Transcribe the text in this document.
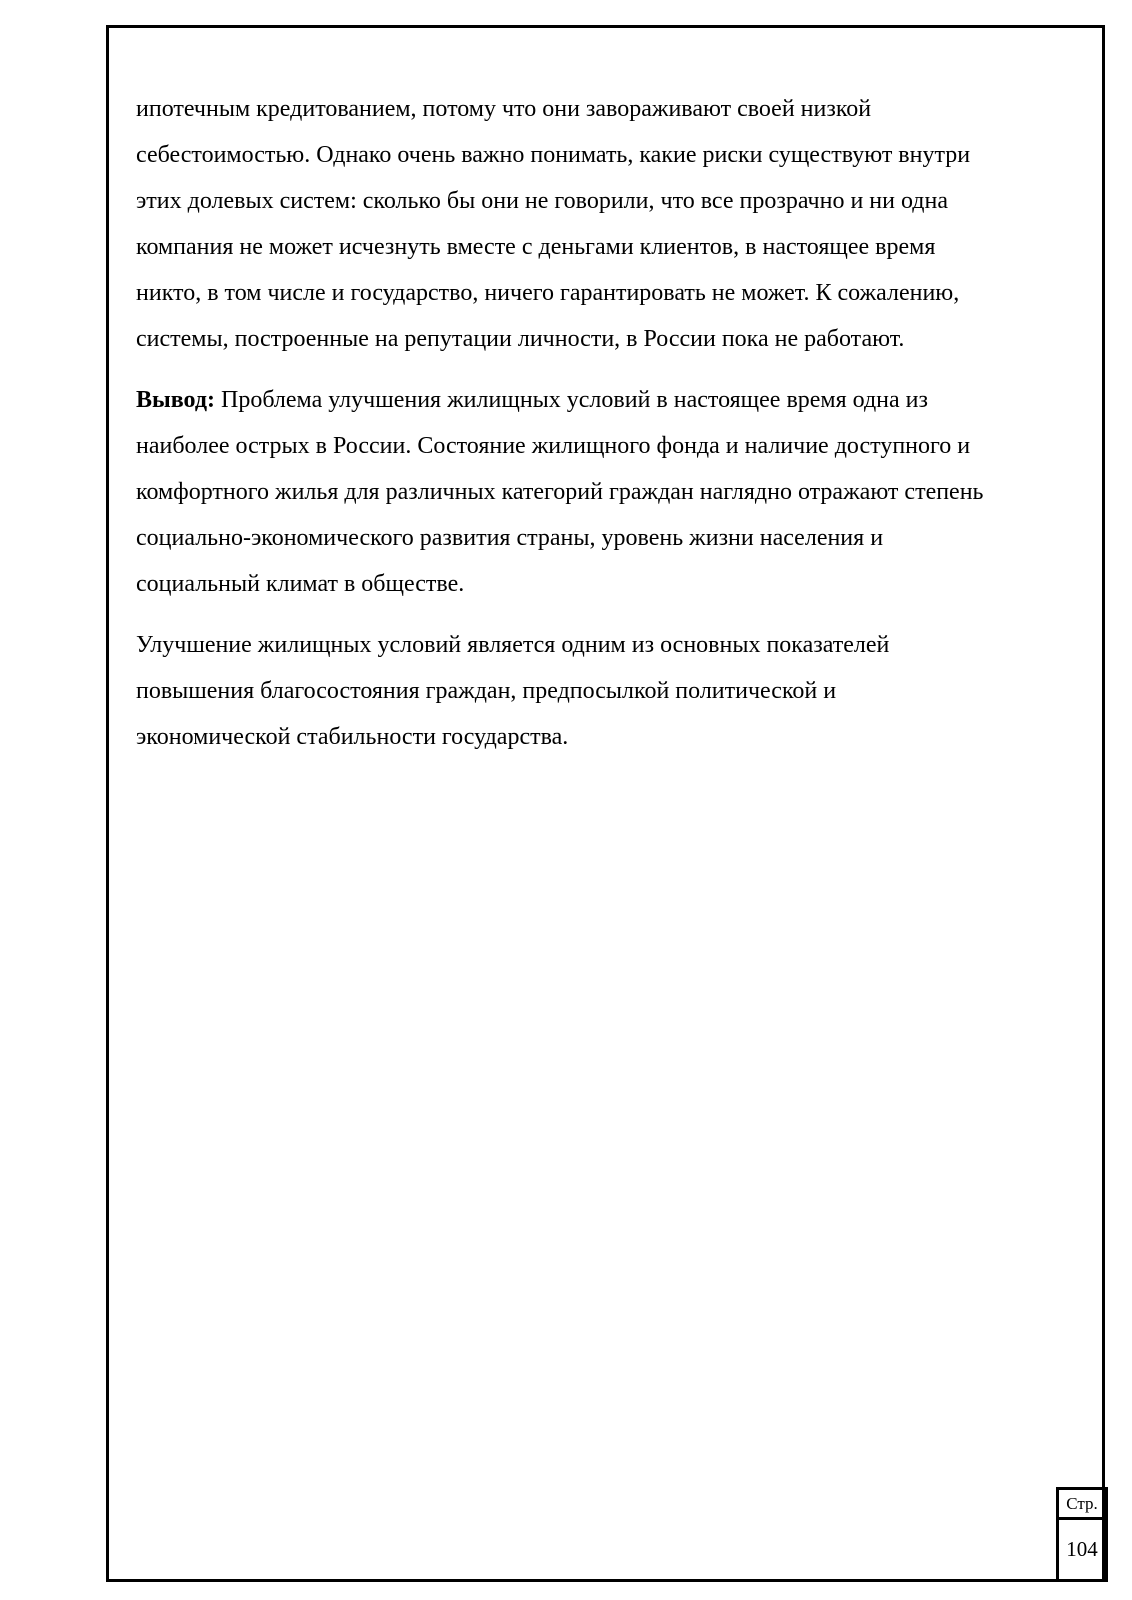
ипотечным кредитованием, потому что они завораживают своей низкой
себестоимостью. Однако очень важно понимать, какие риски существуют внутри
этих долевых систем: сколько бы они не говорили, что все прозрачно и ни одна
компания не может исчезнуть вместе с деньгами клиентов, в настоящее время
никто, в том числе и государство, ничего гарантировать не может. К сожалению,
системы, построенные на репутации личности, в России пока не работают.

Вывод: Проблема улучшения жилищных условий в настоящее время одна из
наиболее острых в России. Состояние жилищного фонда и наличие доступного и
комфортного жилья для различных категорий граждан наглядно отражают степень
социально-экономического развития страны, уровень жизни населения и
социальный климат в обществе.

Улучшение жилищных условий является одним из основных показателей
повышения благосостояния граждан, предпосылкой политической и
экономической стабильности государства.

Стр.
104
